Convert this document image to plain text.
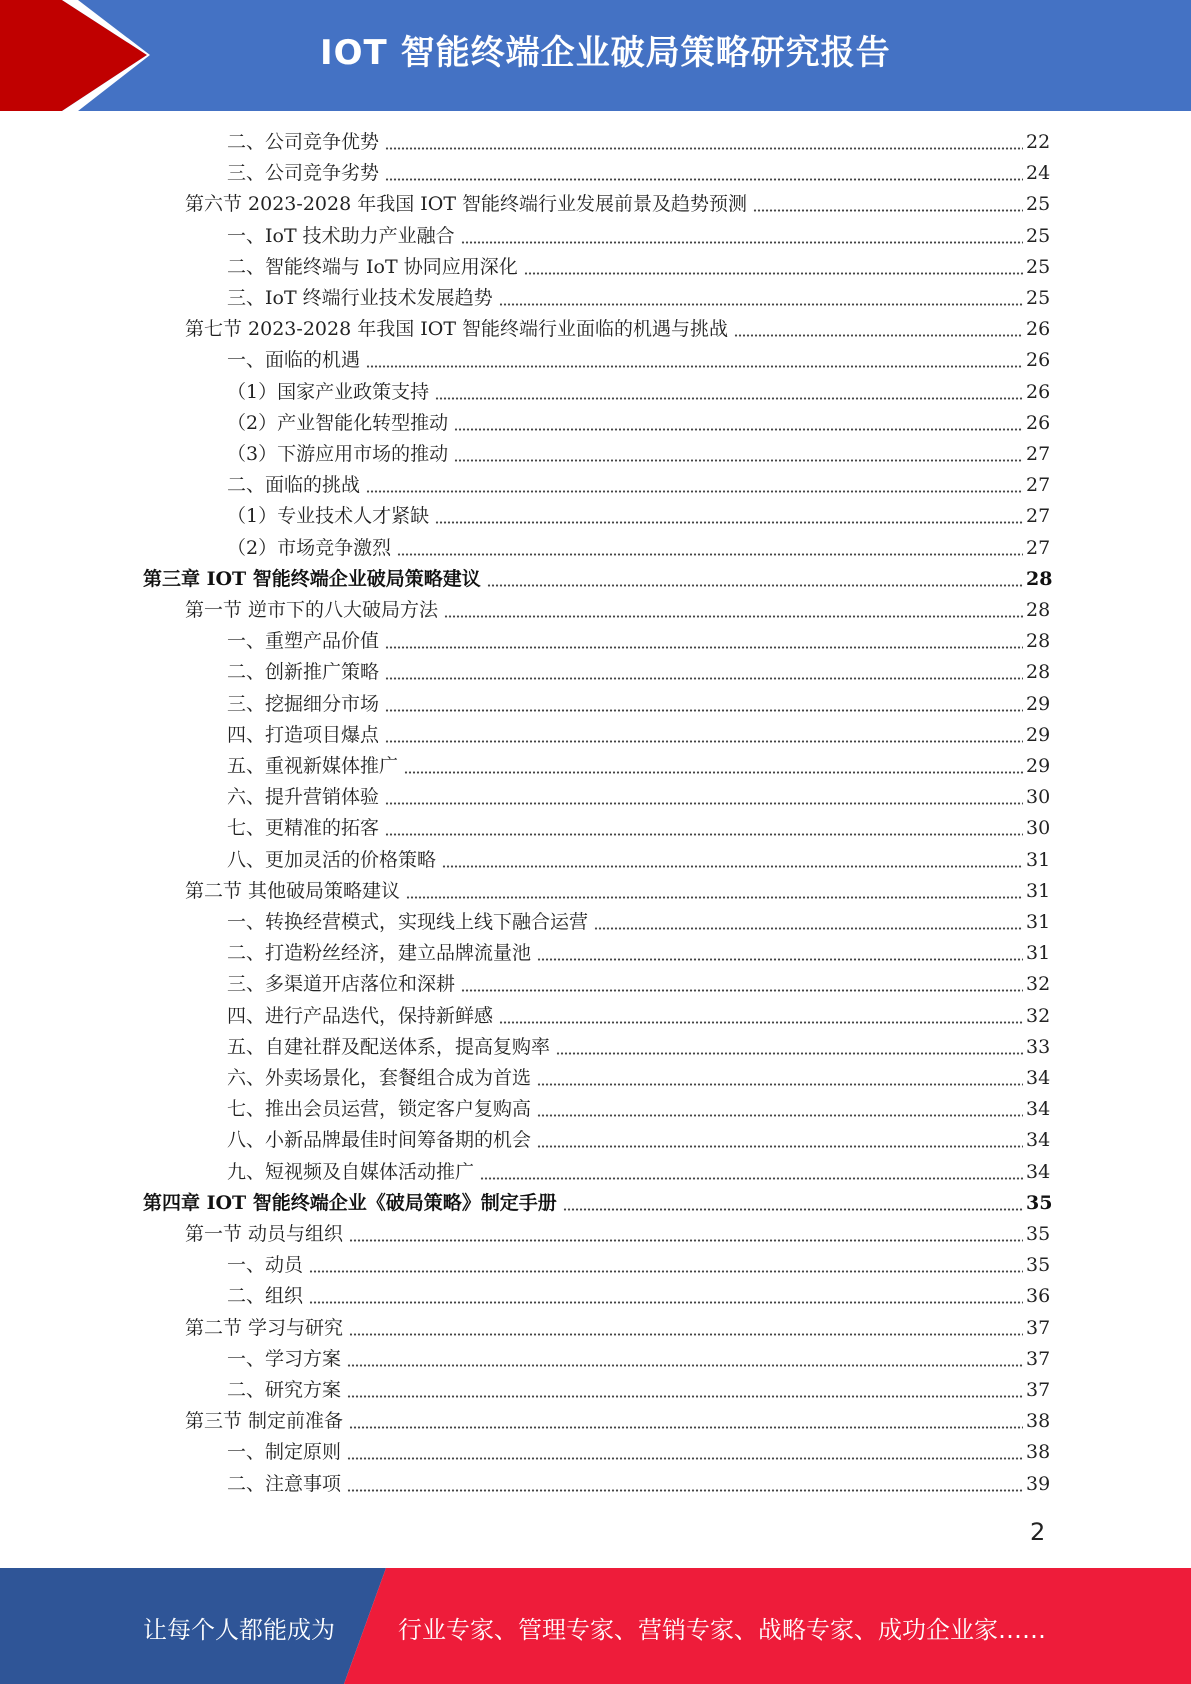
IOT 智能终端企业破局策略研究报告
二、公司竞争优势	22
三、公司竞争劣势	24
第六节 2023-2028 年我国 IOT 智能终端行业发展前景及趋势预测	25
一、IoT 技术助力产业融合	25
二、智能终端与 IoT 协同应用深化	25
三、IoT 终端行业技术发展趋势	25
第七节 2023-2028 年我国 IOT 智能终端行业面临的机遇与挑战	26
一、面临的机遇	26
（1）国家产业政策支持	26
（2）产业智能化转型推动	26
（3）下游应用市场的推动	27
二、面临的挑战	27
（1）专业技术人才紧缺	27
（2）市场竞争激烈	27
第三章 IOT 智能终端企业破局策略建议	28
第一节 逆市下的八大破局方法	28
一、重塑产品价值	28
二、创新推广策略	28
三、挖掘细分市场	29
四、打造项目爆点	29
五、重视新媒体推广	29
六、提升营销体验	30
七、更精准的拓客	30
八、更加灵活的价格策略	31
第二节 其他破局策略建议	31
一、转换经营模式，实现线上线下融合运营	31
二、打造粉丝经济，建立品牌流量池	31
三、多渠道开店落位和深耕	32
四、进行产品迭代，保持新鲜感	32
五、自建社群及配送体系，提高复购率	33
六、外卖场景化，套餐组合成为首选	34
七、推出会员运营，锁定客户复购高	34
八、小新品牌最佳时间筹备期的机会	34
九、短视频及自媒体活动推广	34
第四章 IOT 智能终端企业《破局策略》制定手册	35
第一节 动员与组织	35
一、动员	35
二、组织	36
第二节 学习与研究	37
一、学习方案	37
二、研究方案	37
第三节 制定前准备	38
一、制定原则	38
二、注意事项	39
2
让每个人都能成为	行业专家、管理专家、营销专家、战略专家、成功企业家……
